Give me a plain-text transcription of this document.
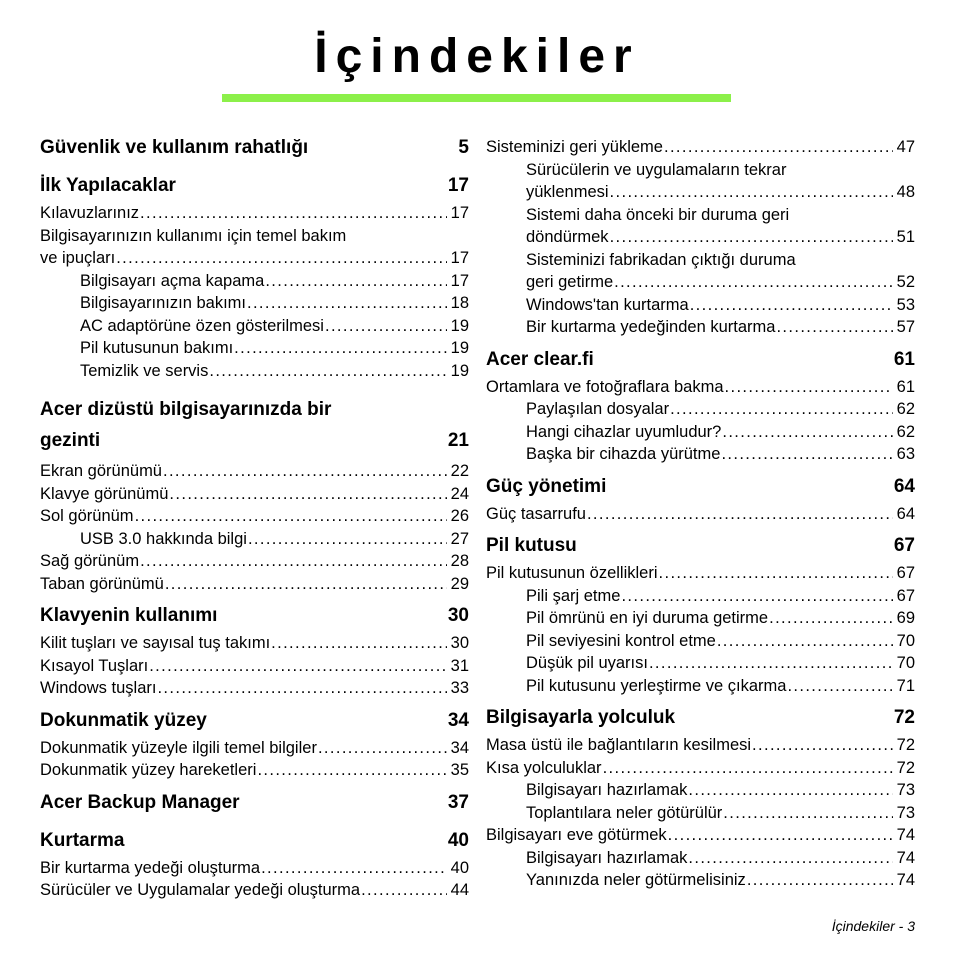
İçindekiler
Güvenlik ve kullanım rahatlığı	5
İlk Yapılacaklar	17
Kılavuzlarınız . . .	17
Bilgisayarınızın kullanımı için temel bakım
ve ipuçları . . .	17
Bilgisayarı açma kapama . . .	17
Bilgisayarınızın bakımı . . .	18
AC adaptörüne özen gösterilmesi . . .	19
Pil kutusunun bakımı . . .	19
Temizlik ve servis . . .	19
Acer dizüstü bilgisayarınızda bir
gezinti	21
Ekran görünümü . . .	22
Klavye görünümü . . .	24
Sol görünüm . . .	26
USB 3.0 hakkında bilgi . . .	27
Sağ görünüm . . .	28
Taban görünümü . . .	29
Klavyenin kullanımı	30
Kilit tuşları ve sayısal tuş takımı . . .	30
Kısayol Tuşları . . .	31
Windows tuşları . . .	33
Dokunmatik yüzey	34
Dokunmatik yüzeyle ilgili temel bilgiler . . .	34
Dokunmatik yüzey hareketleri . . .	35
Acer Backup Manager	37
Kurtarma	40
Bir kurtarma yedeği oluşturma . . .	40
Sürücüler ve Uygulamalar yedeği oluşturma . . .	44
Sisteminizi geri yükleme . . .	47
Sürücülerin ve uygulamaların tekrar
yüklenmesi . . .	48
Sistemi daha önceki bir duruma geri
döndürmek . . .	51
Sisteminizi fabrikadan çıktığı duruma
geri getirme . . .	52
Windows'tan kurtarma . . .	53
Bir kurtarma yedeğinden kurtarma . . .	57
Acer clear.fi	61
Ortamlara ve fotoğraflara bakma . . .	61
Paylaşılan dosyalar . . .	62
Hangi cihazlar uyumludur? . . .	62
Başka bir cihazda yürütme . . .	63
Güç yönetimi	64
Güç tasarrufu . . .	64
Pil kutusu	67
Pil kutusunun özellikleri . . .	67
Pili şarj etme . . .	67
Pil ömrünü en iyi duruma getirme . . .	69
Pil seviyesini kontrol etme . . .	70
Düşük pil uyarısı . . .	70
Pil kutusunu yerleştirme ve çıkarma . . .	71
Bilgisayarla yolculuk	72
Masa üstü ile bağlantıların kesilmesi . . .	72
Kısa yolculuklar . . .	72
Bilgisayarı hazırlamak . . .	73
Toplantılara neler götürülür . . .	73
Bilgisayarı eve götürmek . . .	74
Bilgisayarı hazırlamak . . .	74
Yanınızda neler götürmelisiniz . . .	74
İçindekiler - 3
